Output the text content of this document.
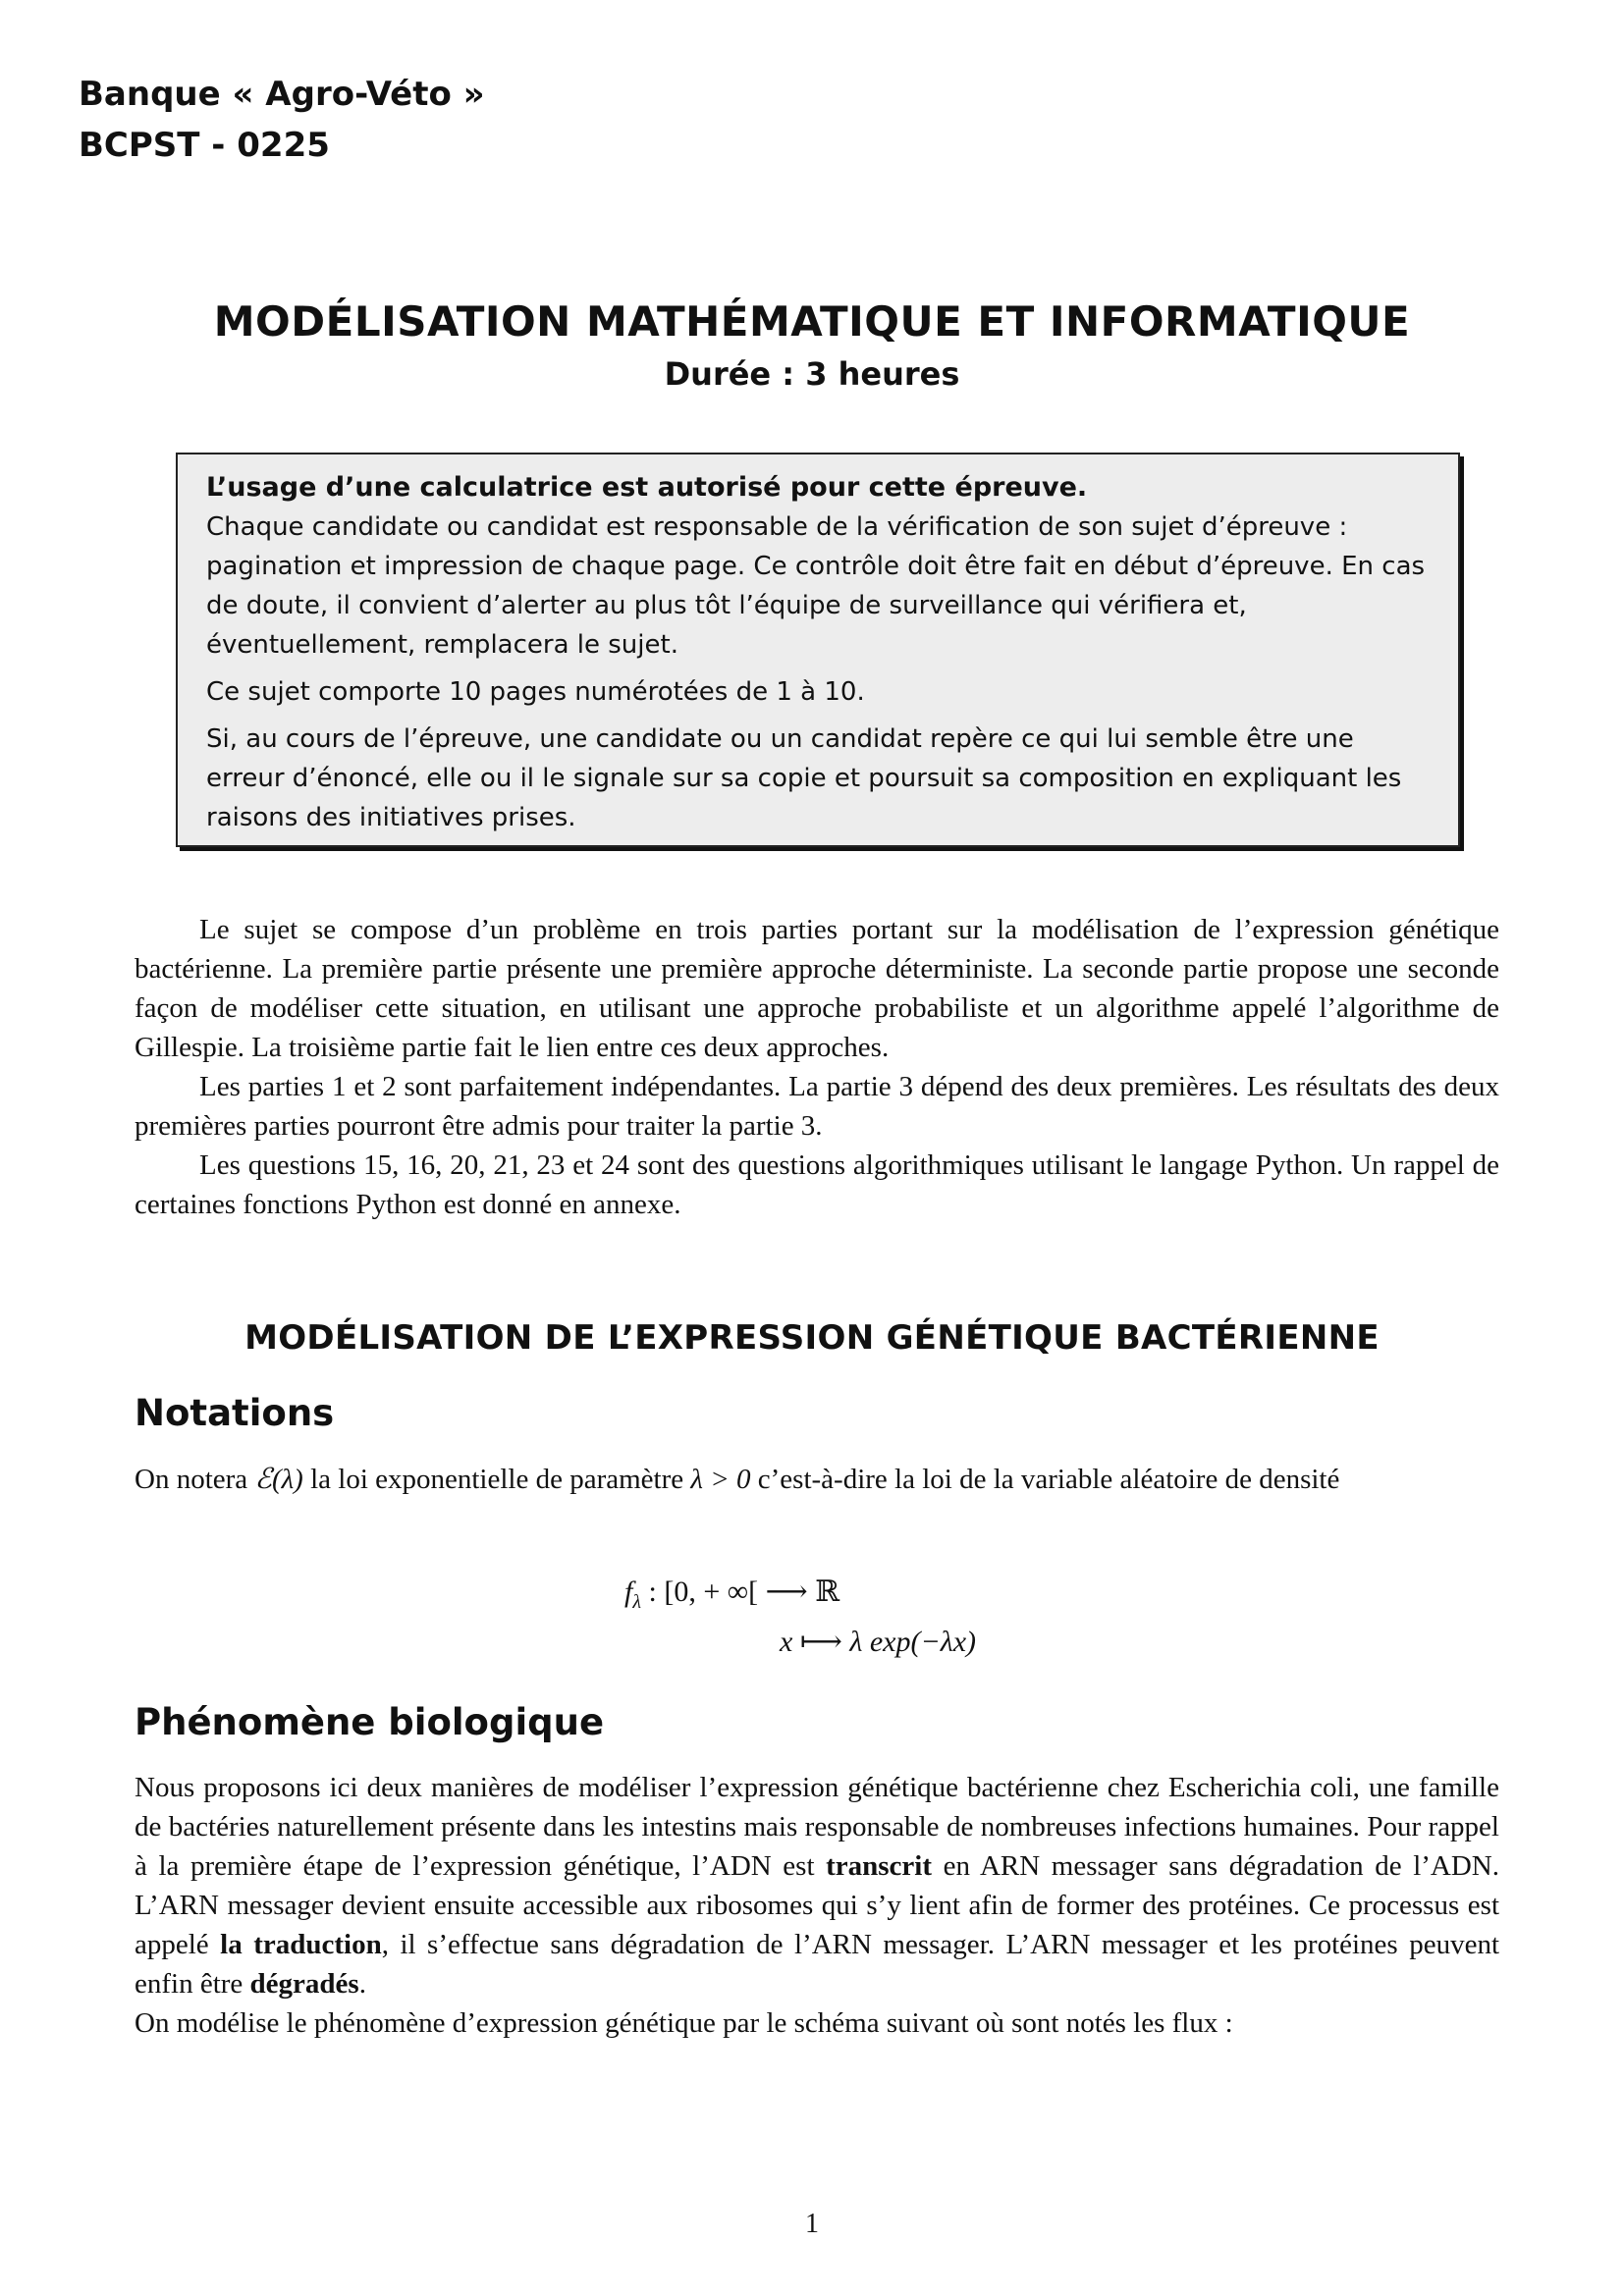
Banque « Agro-Véto »
BCPST - 0225
MODÉLISATION MATHÉMATIQUE ET INFORMATIQUE
Durée : 3 heures

L’usage d’une calculatrice est autorisé pour cette épreuve.

Chaque candidate ou candidat est responsable de la vérification de son sujet d’épreuve : pagination et impression de chaque page. Ce contrôle doit être fait en début d’épreuve. En cas de doute, il convient d’alerter au plus tôt l’équipe de surveillance qui vérifiera et, éventuellement, remplacera le sujet.

Ce sujet comporte 10 pages numérotées de 1 à 10.

Si, au cours de l’épreuve, une candidate ou un candidat repère ce qui lui semble être une erreur d’énoncé, elle ou il le signale sur sa copie et poursuit sa composition en expliquant les raisons des initiatives prises.

Le sujet se compose d’un problème en trois parties portant sur la modélisation de l’expression génétique bactérienne. La première partie présente une première approche déterministe. La seconde partie propose une seconde façon de modéliser cette situation, en utilisant une approche probabiliste et un algorithme appelé l’algorithme de Gillespie. La troisième partie fait le lien entre ces deux approches.

Les parties 1 et 2 sont parfaitement indépendantes. La partie 3 dépend des deux premières. Les résultats des deux premières parties pourront être admis pour traiter la partie 3.

Les questions 15, 16, 20, 21, 23 et 24 sont des questions algorithmiques utilisant le langage Python. Un rappel de certaines fonctions Python est donné en annexe.

MODÉLISATION DE L’EXPRESSION GÉNÉTIQUE BACTÉRIENNE
Notations

On notera ℰ(λ) la loi exponentielle de paramètre λ > 0 c’est-à-dire la loi de la variable aléatoire de densité

$f_\lambda$ : [0, + ∞[ ⟶ ℝ
x ⟼ λ exp(−λx)
Phénomène biologique

Nous proposons ici deux manières de modéliser l’expression génétique bactérienne chez Escherichia coli, une famille de bactéries naturellement présente dans les intestins mais responsable de nombreuses infections humaines. Pour rappel à la première étape de l’expression génétique, l’ADN est transcrit en ARN messager sans dégradation de l’ADN. L’ARN messager devient ensuite accessible aux ribosomes qui s’y lient afin de former des protéines. Ce processus est appelé la traduction, il s’effectue sans dégradation de l’ARN messager. L’ARN messager et les protéines peuvent enfin être dégradés.

On modélise le phénomène d’expression génétique par le schéma suivant où sont notés les flux :

1
